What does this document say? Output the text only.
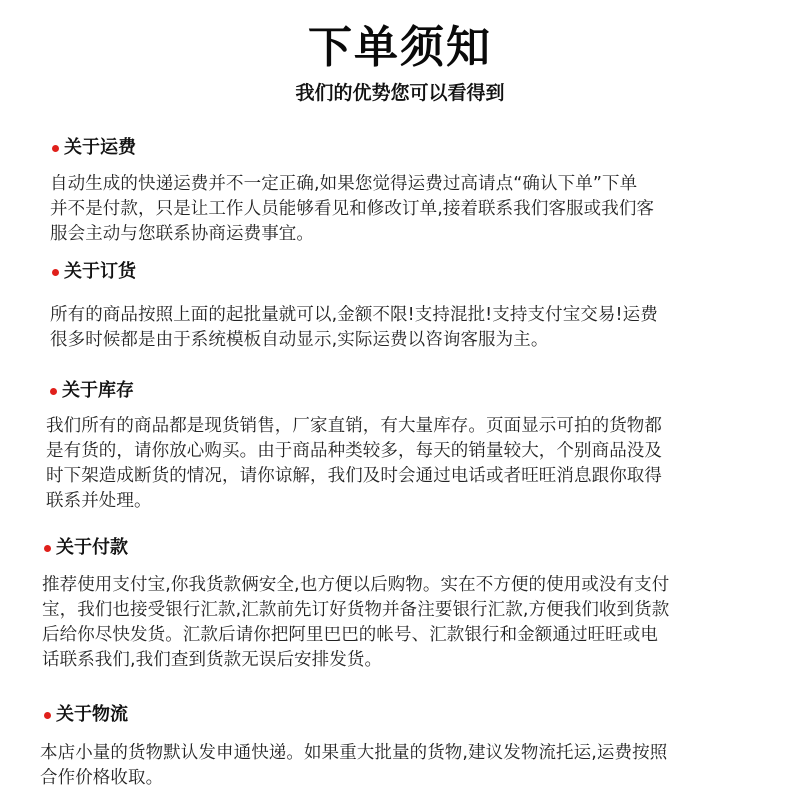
下单须知
我们的优势您可以看得到
关于运费
自动生成的快递运费并不一定正确,如果您觉得运费过高请点“确认下单”下单
并不是付款，只是让工作人员能够看见和修改订单,接着联系我们客服或我们客
服会主动与您联系协商运费事宜。
关于订货
所有的商品按照上面的起批量就可以,金额不限!支持混批!支持支付宝交易!运费
很多时候都是由于系统模板自动显示,实际运费以咨询客服为主。
关于库存
我们所有的商品都是现货销售，厂家直销，有大量库存。页面显示可拍的货物都
是有货的，请你放心购买。由于商品种类较多，每天的销量较大，个别商品没及
时下架造成断货的情况，请你谅解，我们及时会通过电话或者旺旺消息跟你取得
联系并处理。
关于付款
推荐使用支付宝,你我货款俩安全,也方便以后购物。实在不方便的使用或没有支付
宝，我们也接受银行汇款,汇款前先订好货物并备注要银行汇款,方便我们收到货款
后给你尽快发货。汇款后请你把阿里巴巴的帐号、汇款银行和金额通过旺旺或电
话联系我们,我们查到货款无误后安排发货。
关于物流
本店小量的货物默认发申通快递。如果重大批量的货物,建议发物流托运,运费按照
合作价格收取。
